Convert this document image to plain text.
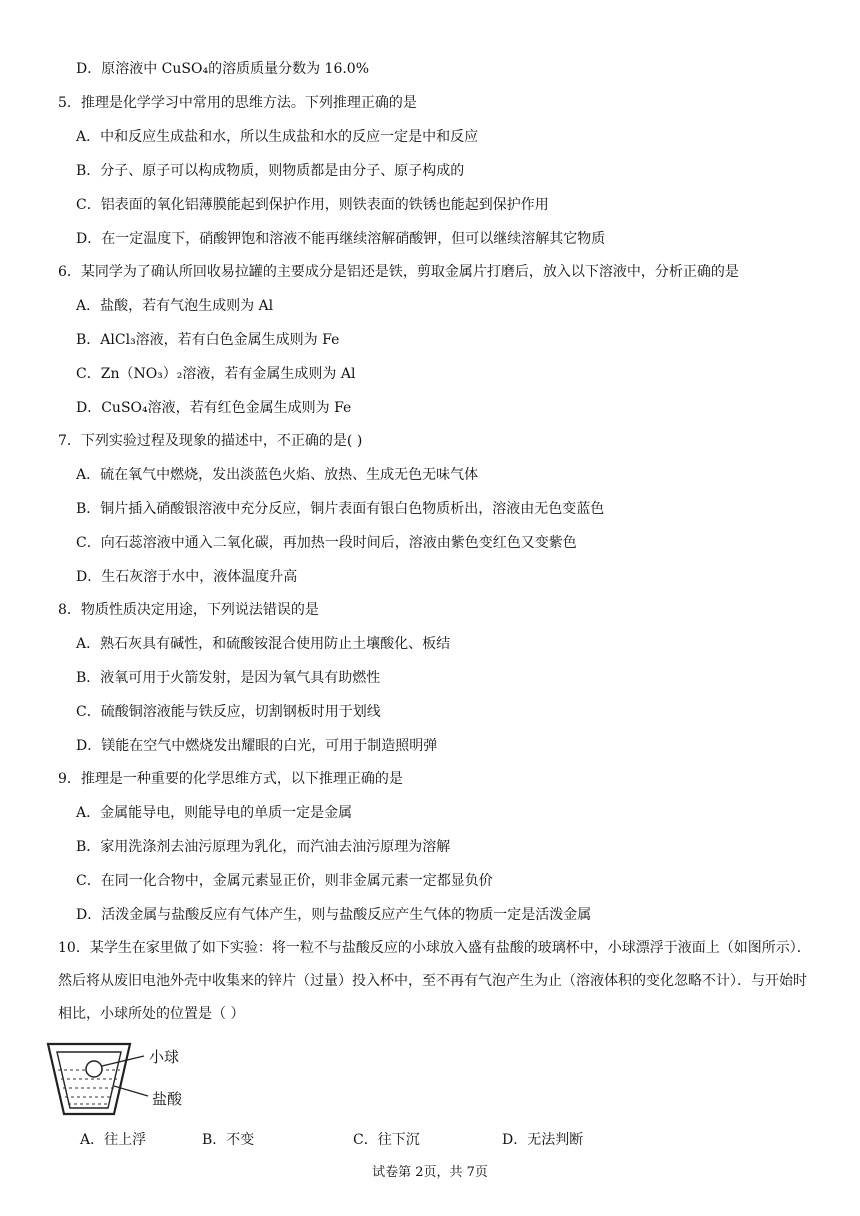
D．原溶液中 CuSO₄的溶质质量分数为 16.0%
5．推理是化学学习中常用的思维方法。下列推理正确的是
A．中和反应生成盐和水，所以生成盐和水的反应一定是中和反应
B．分子、原子可以构成物质，则物质都是由分子、原子构成的
C．铝表面的氧化铝薄膜能起到保护作用，则铁表面的铁锈也能起到保护作用
D．在一定温度下，硝酸钾饱和溶液不能再继续溶解硝酸钾，但可以继续溶解其它物质
6．某同学为了确认所回收易拉罐的主要成分是铝还是铁，剪取金属片打磨后，放入以下溶液中，分析正确的是
A．盐酸，若有气泡生成则为 Al
B．AlCl₃溶液，若有白色金属生成则为 Fe
C．Zn（NO₃）₂溶液，若有金属生成则为 Al
D．CuSO₄溶液，若有红色金属生成则为 Fe
7．下列实验过程及现象的描述中，不正确的是( )
A．硫在氧气中燃烧，发出淡蓝色火焰、放热、生成无色无味气体
B．铜片插入硝酸银溶液中充分反应，铜片表面有银白色物质析出，溶液由无色变蓝色
C．向石蕊溶液中通入二氧化碳，再加热一段时间后，溶液由紫色变红色又变紫色
D．生石灰溶于水中，液体温度升高
8．物质性质决定用途，下列说法错误的是
A．熟石灰具有碱性，和硫酸铵混合使用防止土壤酸化、板结
B．液氧可用于火箭发射，是因为氧气具有助燃性
C．硫酸铜溶液能与铁反应，切割钢板时用于划线
D．镁能在空气中燃烧发出耀眼的白光，可用于制造照明弹
9．推理是一种重要的化学思维方式，以下推理正确的是
A．金属能导电，则能导电的单质一定是金属
B．家用洗涤剂去油污原理为乳化，而汽油去油污原理为溶解
C．在同一化合物中，金属元素显正价，则非金属元素一定都显负价
D．活泼金属与盐酸反应有气体产生，则与盐酸反应产生气体的物质一定是活泼金属
10．某学生在家里做了如下实验：将一粒不与盐酸反应的小球放入盛有盐酸的玻璃杯中，小球漂浮于液面上（如图所示）．然后将从废旧电池外壳中收集来的锌片（过量）投入杯中，至不再有气泡产生为止（溶液体积的变化忽略不计）．与开始时相比，小球所处的位置是（ ）
小球
盐酸
A．往上浮	B．不变	C．往下沉	D．无法判断
试卷第 2页，共 7页
